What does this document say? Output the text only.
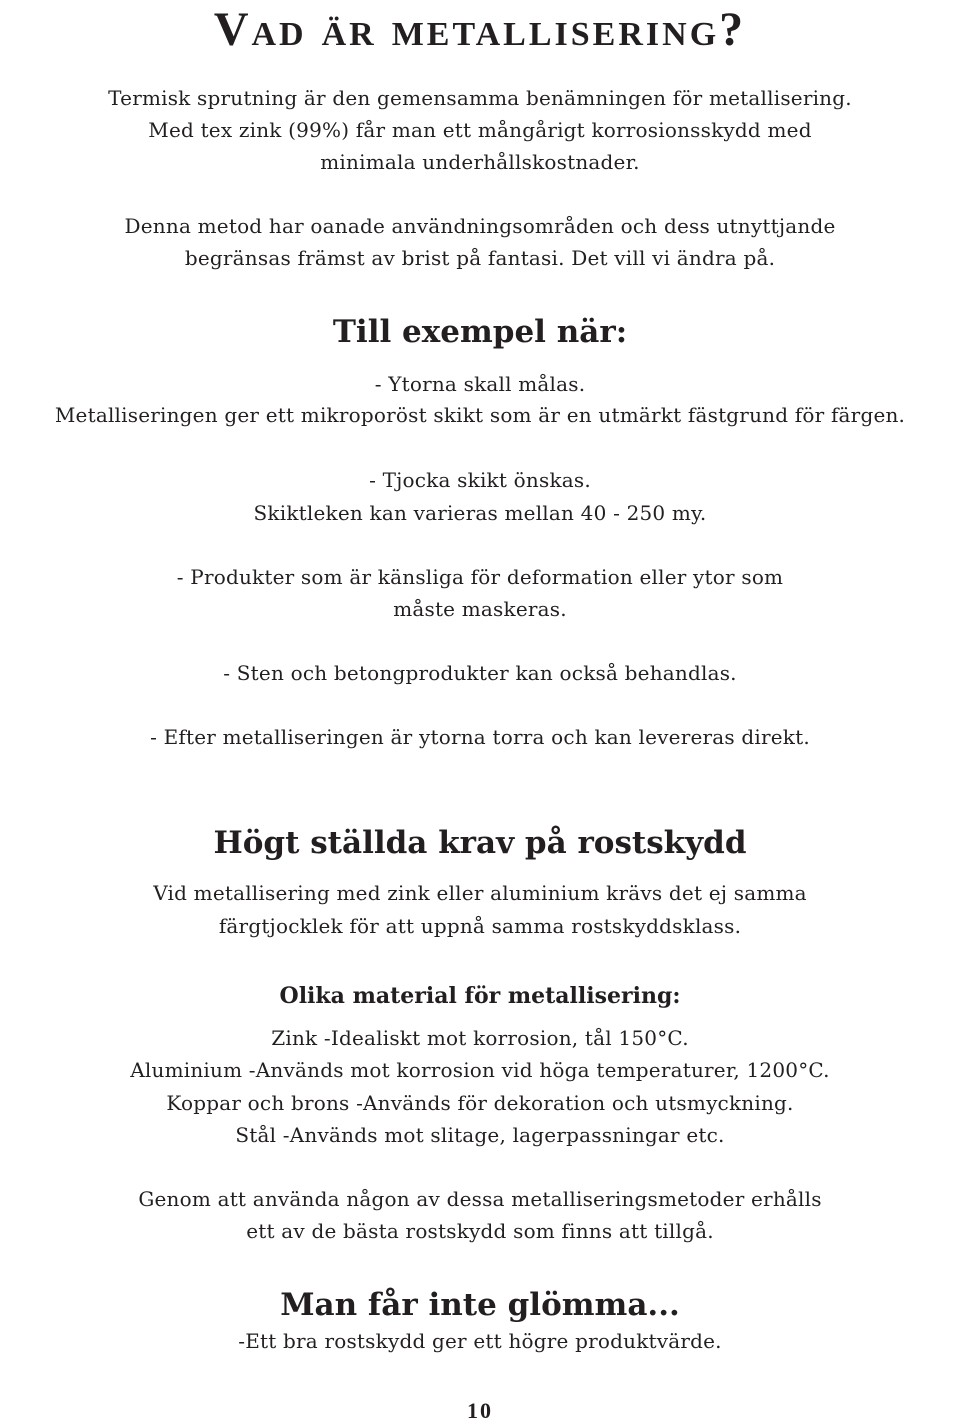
Vad är metallisering?

Termisk sprutning är den gemensamma benämningen för metallisering.

Med tex zink (99%) får man ett mångårigt korrosionsskydd med

minimala underhållskostnader.

Denna metod har oanade användningsområden och dess utnyttjande

begränsas främst av brist på fantasi. Det vill vi ändra på.

Till exempel när:

- Ytorna skall målas.

Metalliseringen ger ett mikroporöst skikt som är en utmärkt fästgrund för färgen.

- Tjocka skikt önskas.

Skiktleken kan varieras mellan 40 - 250 my.

- Produkter som är känsliga för deformation eller ytor som

måste maskeras.

- Sten och betongprodukter kan också behandlas.

- Efter metalliseringen är ytorna torra och kan levereras direkt.

Högt ställda krav på rostskydd

Vid metallisering med zink eller aluminium krävs det ej samma

färgtjocklek för att uppnå samma rostskyddsklass.

Olika material för metallisering:

Zink -Idealiskt mot korrosion, tål 150°C.

Aluminium -Används mot korrosion vid höga temperaturer, 1200°C.

Koppar och brons -Används för dekoration och utsmyckning.

Stål -Används mot slitage, lagerpassningar etc.

Genom att använda någon av dessa metalliseringsmetoder erhålls

ett av de bästa rostskydd som finns att tillgå.

Man får inte glömma...

-Ett bra rostskydd ger ett högre produktvärde.

10
